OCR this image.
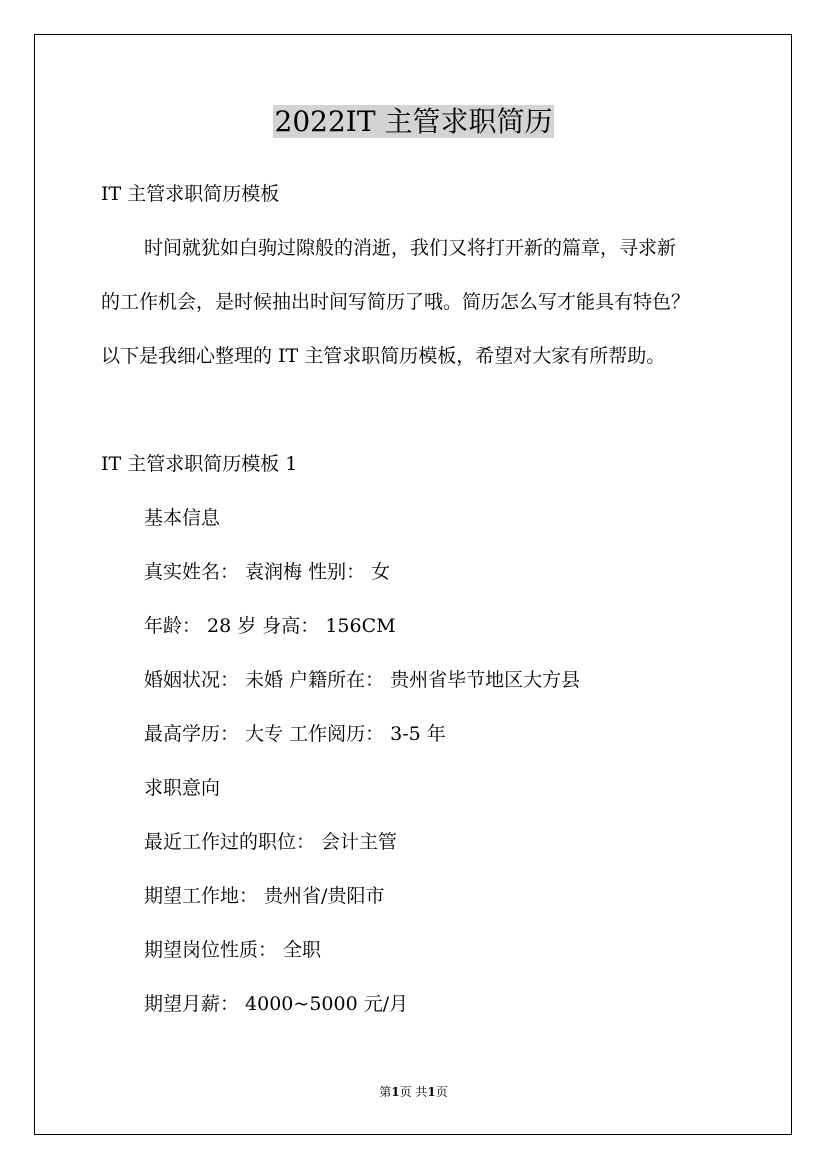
2022IT 主管求职简历
IT 主管求职简历模板
时间就犹如白驹过隙般的消逝，我们又将打开新的篇章，寻求新
的工作机会，是时候抽出时间写简历了哦。简历怎么写才能具有特色？
以下是我细心整理的 IT 主管求职简历模板，希望对大家有所帮助。
IT 主管求职简历模板 1
基本信息
真实姓名： 袁润梅 性别： 女
年龄： 28 岁 身高： 156CM
婚姻状况： 未婚 户籍所在： 贵州省毕节地区大方县
最高学历： 大专 工作阅历： 3-5 年
求职意向
最近工作过的职位： 会计主管
期望工作地： 贵州省/贵阳市
期望岗位性质： 全职
期望月薪： 4000~5000 元/月
第1页 共1页
